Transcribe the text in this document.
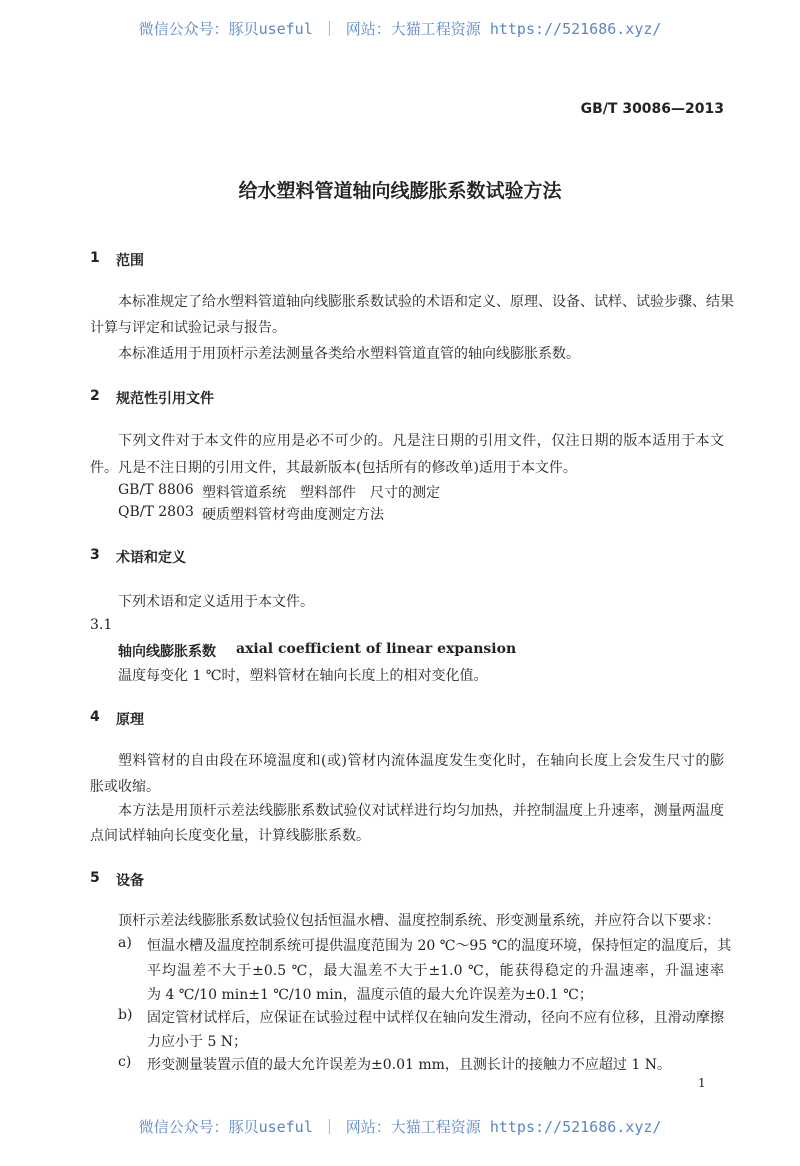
微信公众号：豚贝useful ｜ 网站：大猫工程资源 https://521686.xyz/
GB/T 30086—2013
给水塑料管道轴向线膨胀系数试验方法
1 范围
本标准规定了给水塑料管道轴向线膨胀系数试验的术语和定义、原理、设备、试样、试验步骤、结果
计算与评定和试验记录与报告。
本标准适用于用顶杆示差法测量各类给水塑料管道直管的轴向线膨胀系数。
2 规范性引用文件
下列文件对于本文件的应用是必不可少的。凡是注日期的引用文件，仅注日期的版本适用于本文
件。凡是不注日期的引用文件，其最新版本(包括所有的修改单)适用于本文件。
GB/T 8806 塑料管道系统　塑料部件　尺寸的测定
QB/T 2803 硬质塑料管材弯曲度测定方法
3 术语和定义
下列术语和定义适用于本文件。
3.1
轴向线膨胀系数 axial coefficient of linear expansion
温度每变化 1 ℃时，塑料管材在轴向长度上的相对变化值。
4 原理
塑料管材的自由段在环境温度和(或)管材内流体温度发生变化时，在轴向长度上会发生尺寸的膨
胀或收缩。
本方法是用顶杆示差法线膨胀系数试验仪对试样进行均匀加热，并控制温度上升速率，测量两温度
点间试样轴向长度变化量，计算线膨胀系数。
5 设备
顶杆示差法线膨胀系数试验仪包括恒温水槽、温度控制系统、形变测量系统，并应符合以下要求：
a) 恒温水槽及温度控制系统可提供温度范围为 20 ℃～95 ℃的温度环境，保持恒定的温度后，其
平均温差不大于±0.5 ℃，最大温差不大于±1.0 ℃，能获得稳定的升温速率，升温速率
为 4 ℃/10 min±1 ℃/10 min，温度示值的最大允许误差为±0.1 ℃；
b) 固定管材试样后，应保证在试验过程中试样仅在轴向发生滑动，径向不应有位移，且滑动摩擦
力应小于 5 N；
c) 形变测量装置示值的最大允许误差为±0.01 mm，且测长计的接触力不应超过 1 N。
1
微信公众号：豚贝useful ｜ 网站：大猫工程资源 https://521686.xyz/
